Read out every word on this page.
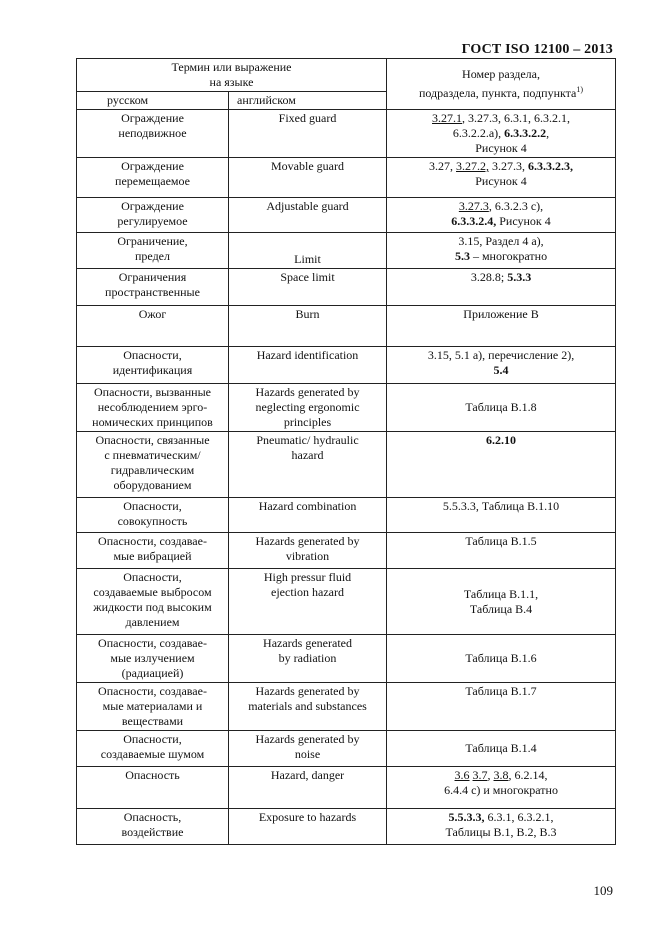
ГОСТ ISO 12100 – 2013
Термин или выражение
на языке		Номер раздела,
подраздела, пункта, подпункта$^{1)}$
русском	английском	
Ограждение
неподвижное	Fixed guard	3.27.1, 3.27.3, 6.3.1, 6.3.2.1,
6.3.2.2.a), 6.3.3.2.2,
Рисунок 4

Ограждение
перемещаемое	Movable guard	3.27, 3.27.2, 3.27.3, 6.3.3.2.3,
Рисунок 4

Ограждение
регулируемое	Adjustable guard	3.27.3, 6.3.2.3 c),
6.3.3.2.4, Рисунок 4

Ограничение,
предел	Limit	3.15, Раздел 4 а),
5.3 – многократно

Ограничения
пространственные	Space limit	3.28.8; 5.3.3

Ожог	Burn	Приложение В

Опасности,
идентификация	Hazard identification	3.15, 5.1 а), перечисление 2),
5.4

Опасности, вызванные
несоблюдением эрго-
номических принципов	Hazards generated by
neglecting ergonomic
principles	Таблица В.1.8

Опасности, связанные
с пневматическим/
гидравлическим
оборудованием	Pneumatic/ hydraulic
hazard	6.2.10

Опасности,
совокупность	Hazard combination	5.5.3.3, Таблица В.1.10

Опасности, создавае-
мые вибрацией	Hazards generated by
vibration	Таблица В.1.5

Опасности,
создаваемые выбросом
жидкости под высоким
давлением	High pressur fluid
ejection hazard	Таблица В.1.1,
Таблица В.4

Опасности, создавае-
мые излучением
(радиацией)	Hazards generated
by radiation	Таблица В.1.6

Опасности, создавае-
мые материалами и
веществами	Hazards generated by
materials and substances	Таблица В.1.7

Опасности,
создаваемые шумом	Hazards generated by
noise	Таблица В.1.4

Опасность	Hazard, danger	3.6 3.7, 3.8, 6.2.14,
6.4.4 c) и многократно

Опасность,
воздействие	Exposure to hazards	5.5.3.3, 6.3.1, 6.3.2.1,
Таблицы В.1, В.2, В.3
109
